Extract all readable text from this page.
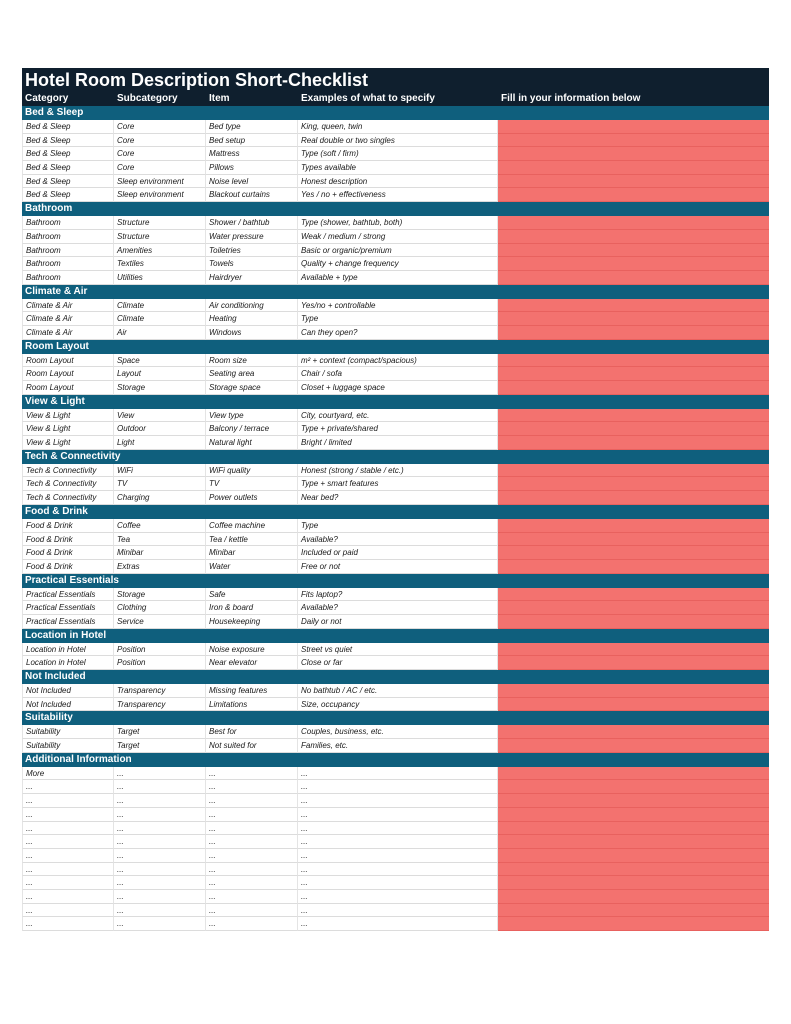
Hotel Room Description Short-Checklist
Category	Subcategory	Item	Examples of what to specify	Fill in your information below
Bed & Sleep
Bed & Sleep	Core	Bed type	King, queen, twin
Bed & Sleep	Core	Bed setup	Real double or two singles
Bed & Sleep	Core	Mattress	Type (soft / firm)
Bed & Sleep	Core	Pillows	Types available
Bed & Sleep	Sleep environment	Noise level	Honest description
Bed & Sleep	Sleep environment	Blackout curtains	Yes / no + effectiveness
Bathroom
Bathroom	Structure	Shower / bathtub	Type (shower, bathtub, both)
Bathroom	Structure	Water pressure	Weak / medium / strong
Bathroom	Amenities	Toiletries	Basic or organic/premium
Bathroom	Textiles	Towels	Quality + change frequency
Bathroom	Utilities	Hairdryer	Available + type
Climate & Air
Climate & Air	Climate	Air conditioning	Yes/no + controllable
Climate & Air	Climate	Heating	Type
Climate & Air	Air	Windows	Can they open?
Room Layout
Room Layout	Space	Room size	m² + context (compact/spacious)
Room Layout	Layout	Seating area	Chair / sofa
Room Layout	Storage	Storage space	Closet + luggage space
View & Light
View & Light	View	View type	City, courtyard, etc.
View & Light	Outdoor	Balcony / terrace	Type + private/shared
View & Light	Light	Natural light	Bright / limited
Tech & Connectivity
Tech & Connectivity	WiFi	WiFi quality	Honest (strong / stable / etc.)
Tech & Connectivity	TV	TV	Type + smart features
Tech & Connectivity	Charging	Power outlets	Near bed?
Food & Drink
Food & Drink	Coffee	Coffee machine	Type
Food & Drink	Tea	Tea / kettle	Available?
Food & Drink	Minibar	Minibar	Included or paid
Food & Drink	Extras	Water	Free or not
Practical Essentials
Practical Essentials	Storage	Safe	Fits laptop?
Practical Essentials	Clothing	Iron & board	Available?
Practical Essentials	Service	Housekeeping	Daily or not
Location in Hotel
Location in Hotel	Position	Noise exposure	Street vs quiet
Location in Hotel	Position	Near elevator	Close or far
Not Included
Not Included	Transparency	Missing features	No bathtub / AC / etc.
Not Included	Transparency	Limitations	Size, occupancy
Suitability
Suitability	Target	Best for	Couples, business, etc.
Suitability	Target	Not suited for	Families, etc.
Additional Information
More	...	...	...
...	...	...	...
...	...	...	...
...	...	...	...
...	...	...	...
...	...	...	...
...	...	...	...
...	...	...	...
...	...	...	...
...	...	...	...
...	...	...	...
...	...	...	...
